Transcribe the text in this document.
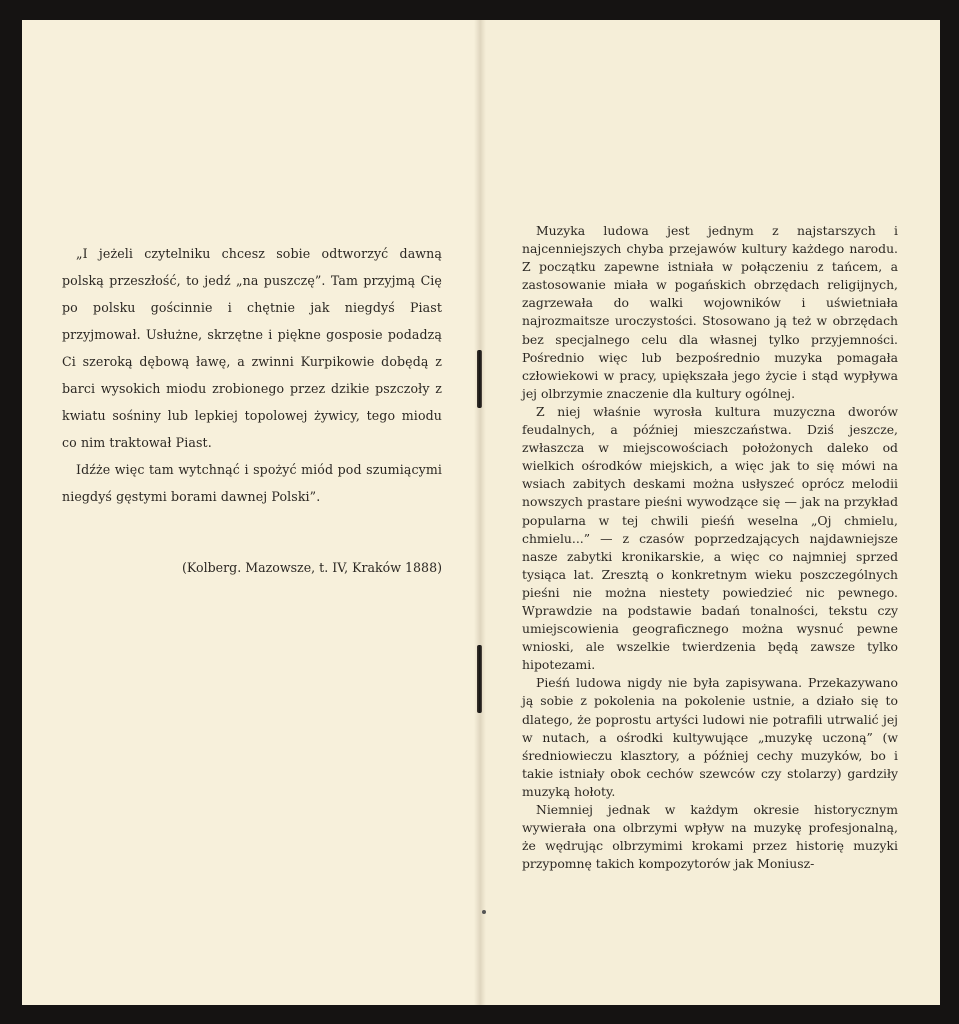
„I jeżeli czytelniku chcesz sobie odtworzyć dawną polską przeszłość, to jedź „na puszczę”. Tam przyjmą Cię po polsku gościnnie i chętnie jak niegdyś Piast przyjmował. Usłużne, skrzętne i piękne gosposie podadzą Ci szeroką dębową ławę, a zwinni Kurpikowie dobędą z barci wysokich miodu zrobionego przez dzikie pszczoły z kwiatu sośniny lub lepkiej topolowej żywicy, tego miodu co nim traktował Piast.

Idźże więc tam wytchnąć i spożyć miód pod szumiącymi niegdyś gęstymi borami dawnej Polski”.

(Kolberg. Mazowsze, t. IV, Kraków 1888)

Muzyka ludowa jest jednym z najstarszych i najcenniejszych chyba przejawów kultury każdego narodu. Z początku zapewne istniała w połączeniu z tańcem, a zastosowanie miała w pogańskich obrzędach religijnych, zagrzewała do walki wojowników i uświetniała najrozmaitsze uroczystości. Stosowano ją też w obrzędach bez specjalnego celu dla własnej tylko przyjemności. Pośrednio więc lub bezpośrednio muzyka pomagała człowiekowi w pracy, upiększała jego życie i stąd wypływa jej olbrzymie znaczenie dla kultury ogólnej.

Z niej właśnie wyrosła kultura muzyczna dworów feudalnych, a później mieszczaństwa. Dziś jeszcze, zwłaszcza w miejscowościach położonych daleko od wielkich ośrodków miejskich, a więc jak to się mówi na wsiach zabitych deskami można usłyszeć oprócz melodii nowszych prastare pieśni wywodzące się — jak na przykład popularna w tej chwili pieśń weselna „Oj chmielu, chmielu...” — z czasów poprzedzających najdawniejsze nasze zabytki kronikarskie, a więc co najmniej sprzed tysiąca lat. Zresztą o konkretnym wieku poszczególnych pieśni nie można niestety powiedzieć nic pewnego. Wprawdzie na podstawie badań tonalności, tekstu czy umiejscowienia geograficznego można wysnuć pewne wnioski, ale wszelkie twierdzenia będą zawsze tylko hipotezami.

Pieśń ludowa nigdy nie była zapisywana. Przekazywano ją sobie z pokolenia na pokolenie ustnie, a działo się to dlatego, że poprostu artyści ludowi nie potrafili utrwalić jej w nutach, a ośrodki kultywujące „muzykę uczoną” (w średniowieczu klasztory, a później cechy muzyków, bo i takie istniały obok cechów szewców czy stolarzy) gardziły muzyką hołoty.

Niemniej jednak w każdym okresie historycznym wywierała ona olbrzymi wpływ na muzykę profesjonalną, że wędrując olbrzymimi krokami przez historię muzyki przypomnę takich kompozytorów jak Moniusz-
